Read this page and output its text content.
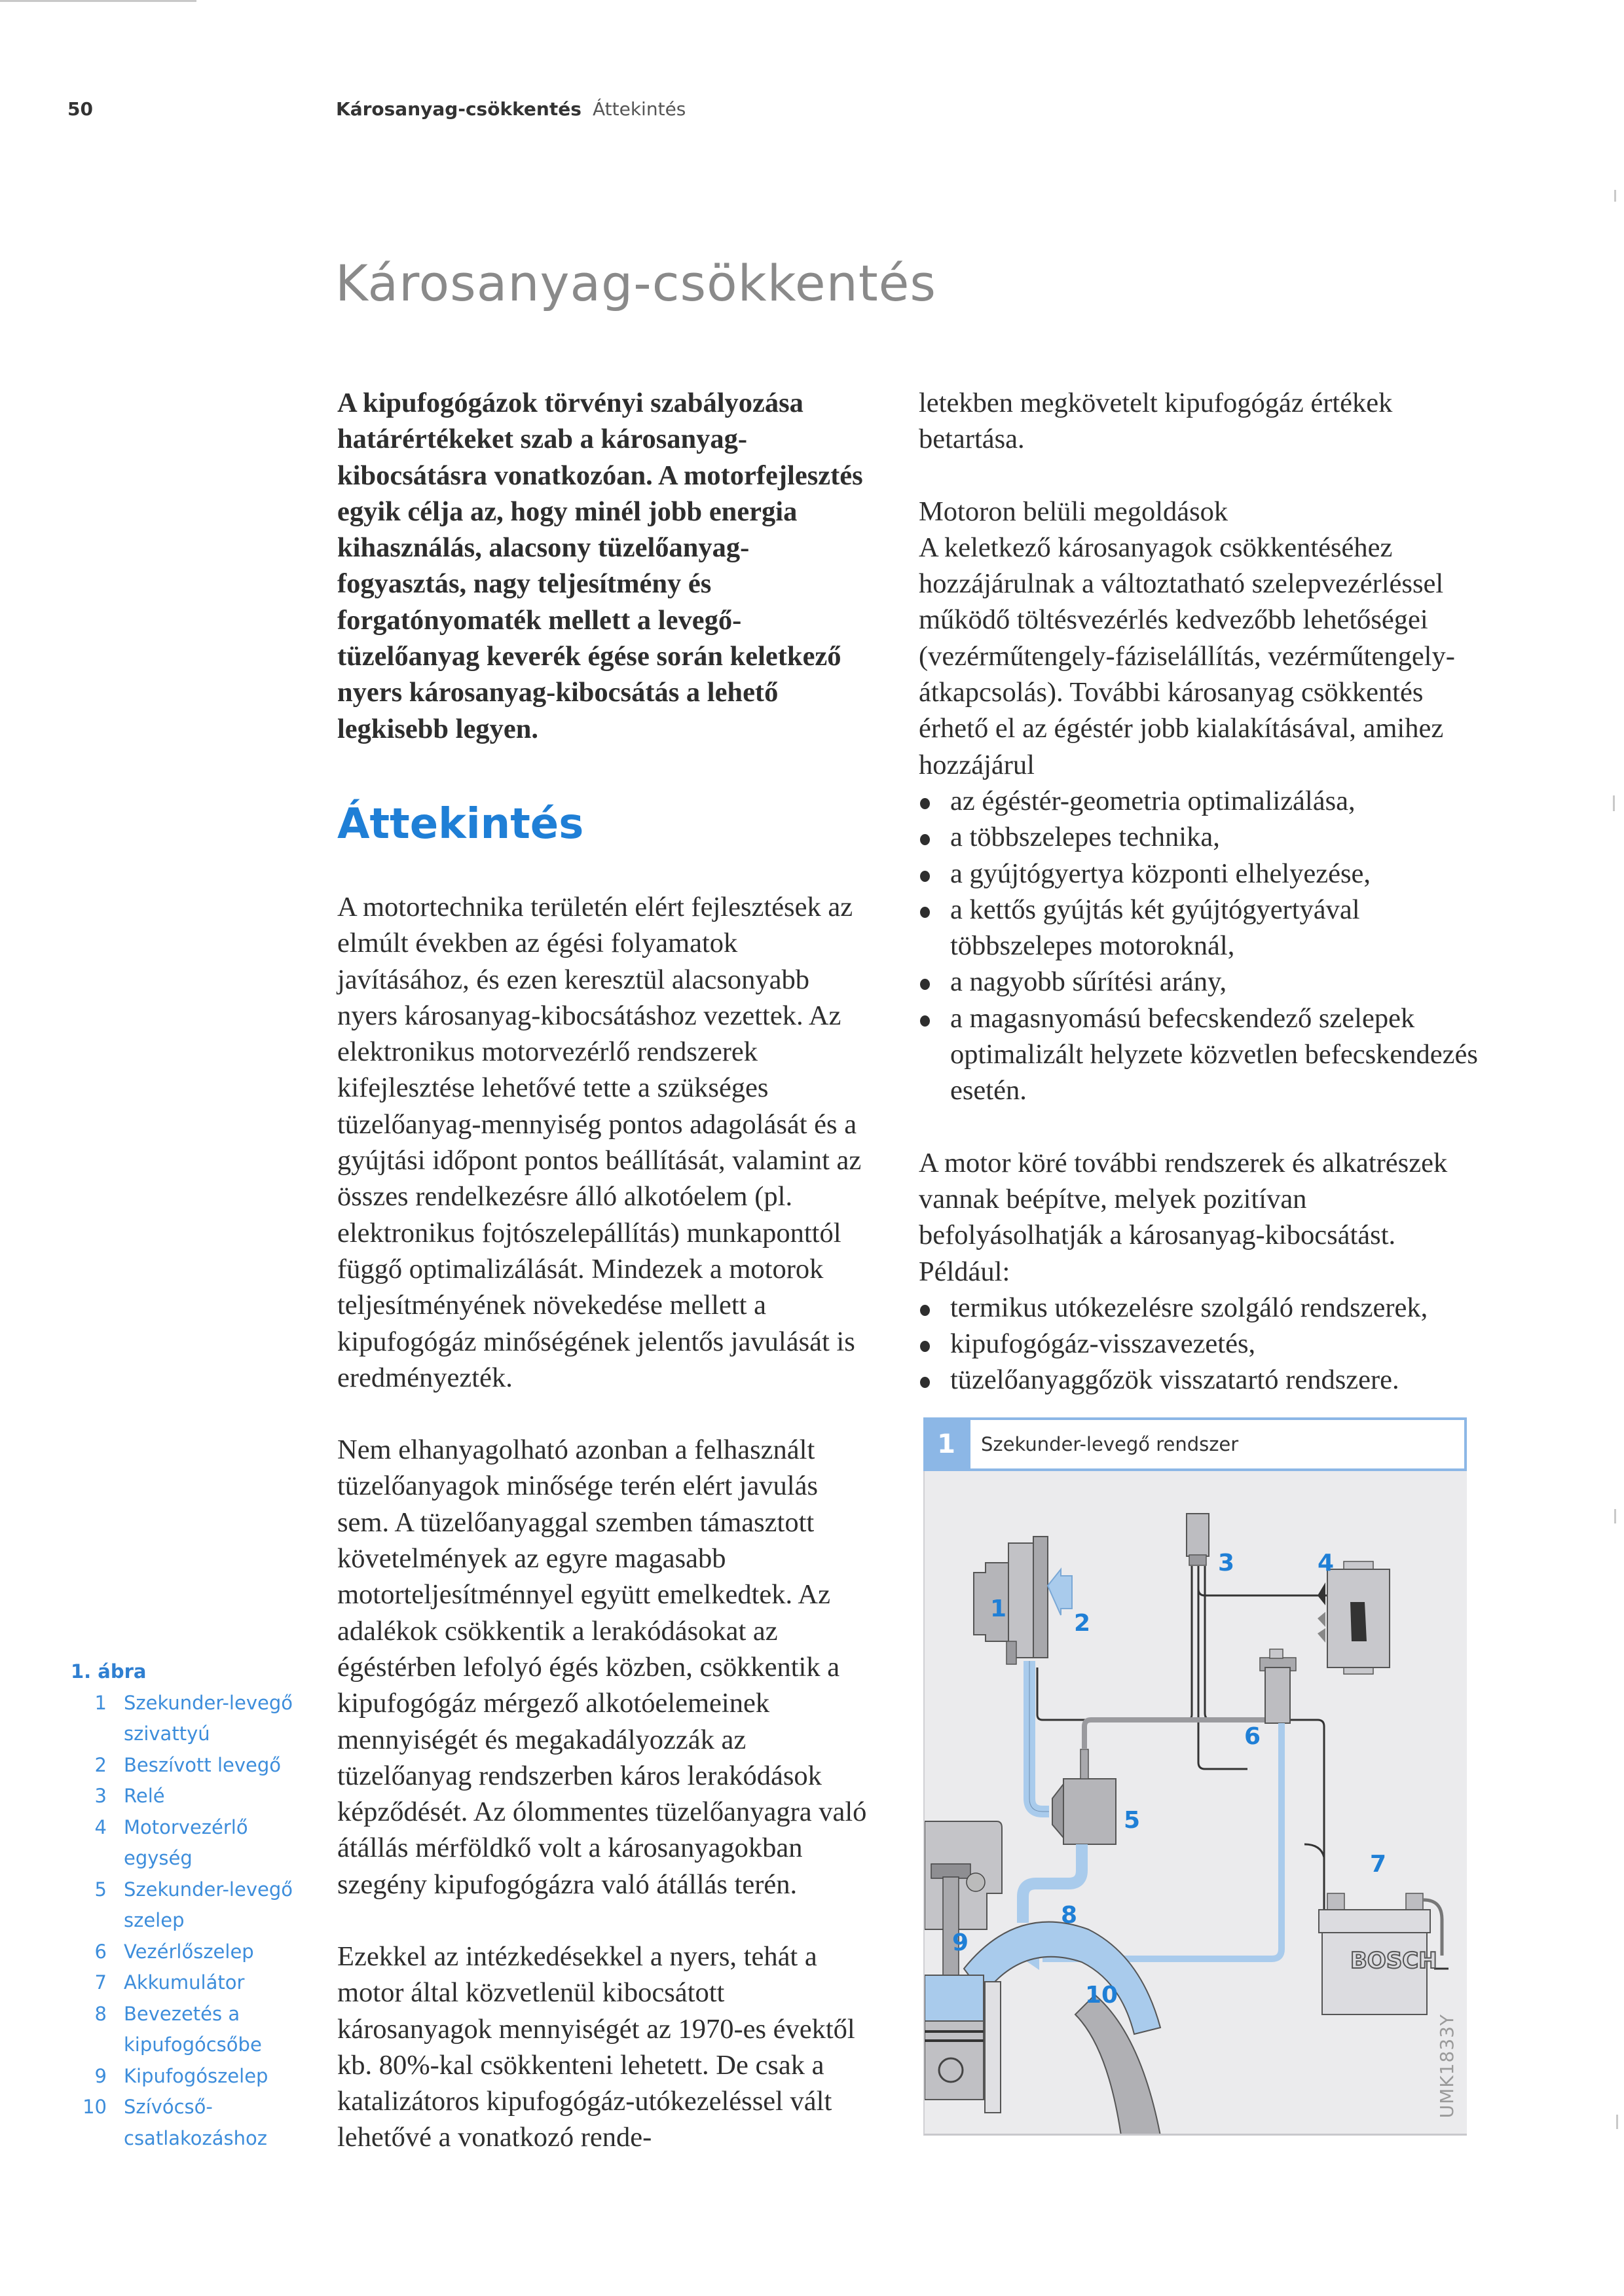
50	Károsanyag-csökkentés Áttekintés
Károsanyag-csökkentés

A kipufogógázok törvényi szabályozása határértékeket szab a károsanyag-kibocsátásra vonatkozóan. A motorfejlesztés egyik célja az, hogy minél jobb energia kihasználás, alacsony tüzelőanyag-fogyasztás, nagy teljesítmény és forgatónyomaték mellett a levegő-tüzelőanyag keverék égése során keletkező nyers károsanyag-kibocsátás a lehető legkisebb legyen.

Áttekintés

A motortechnika területén elért fejlesztések az elmúlt években az égési folyamatok javításához, és ezen keresztül alacsonyabb nyers károsanyag-kibocsátáshoz vezettek. Az elektronikus motorvezérlő rendszerek kifejlesztése lehetővé tette a szükséges tüzelőanyag-mennyiség pontos adagolását és a gyújtási időpont pontos beállítását, valamint az összes rendelkezésre álló alkotóelem (pl. elektronikus fojtószelepállítás) munkaponttól függő optimalizálását. Mindezek a motorok teljesítményének növekedése mellett a kipufogógáz minőségének jelentős javulását is eredményezték.

Nem elhanyagolható azonban a felhasznált tüzelőanyagok minősége terén elért javulás sem. A tüzelőanyaggal szemben támasztott követelmények az egyre magasabb motorteljesítménnyel együtt emelkedtek. Az adalékok csökkentik a lerakódásokat az égéstérben lefolyó égés közben, csökkentik a kipufogógáz mérgező alkotóelemeinek mennyiségét és megakadályozzák az tüzelőanyag rendszerben káros lerakódások képződését. Az ólommentes tüzelőanyagra való átállás mérföldkő volt a károsanyagokban szegény kipufogógázra való átállás terén.

Ezekkel az intézkedésekkel a nyers, tehát a motor által közvetlenül kibocsátott károsanyagok mennyiségét az 1970-es évektől kb. 80%-kal csökkenteni lehetett. De csak a katalizátoros kipufogógáz-utókezeléssel vált lehetővé a vonatkozó rende-

letekben megkövetelt kipufogógáz értékek betartása.

Motoron belüli megoldások
A keletkező károsanyagok csökkentéséhez hozzájárulnak a változtatható szelepvezérléssel működő töltésvezérlés kedvezőbb lehetőségei (vezérműtengely-fáziselállítás, vezérműtengely-átkapcsolás). További károsanyag csökkentés érhető el az égéstér jobb kialakításával, amihez hozzájárul
az égéstér-geometria optimalizálása,
a többszelepes technika,
a gyújtógyertya központi elhelyezése,
a kettős gyújtás két gyújtógyertyával többszelepes motoroknál,
a nagyobb sűrítési arány,
a magasnyomású befecskendező szelepek optimalizált helyzete közvetlen befecskendezés esetén.
A motor köré további rendszerek és alkatrészek vannak beépítve, melyek pozitívan befolyásolhatják a károsanyag-kibocsátást. Például:
termikus utókezelésre szolgáló rendszerek,
kipufogógáz-visszavezetés,
tüzelőanyaggőzök visszatartó rendszere.
1. ábra
1 Szekunder-levegő szivattyú
2 Beszívott levegő
3 Relé
4 Motorvezérlő egység
5 Szekunder-levegő szelep
6 Vezérlőszelep
7 Akkumulátor
8 Bevezetés a kipufogócsőbe
9 Kipufogószelep
10 Szívócső-csatlakozáshoz
1	Szekunder-levegő rendszer
1
2
3	4
5
6
7
8
9
10
BOSCH
UMK1833Y
